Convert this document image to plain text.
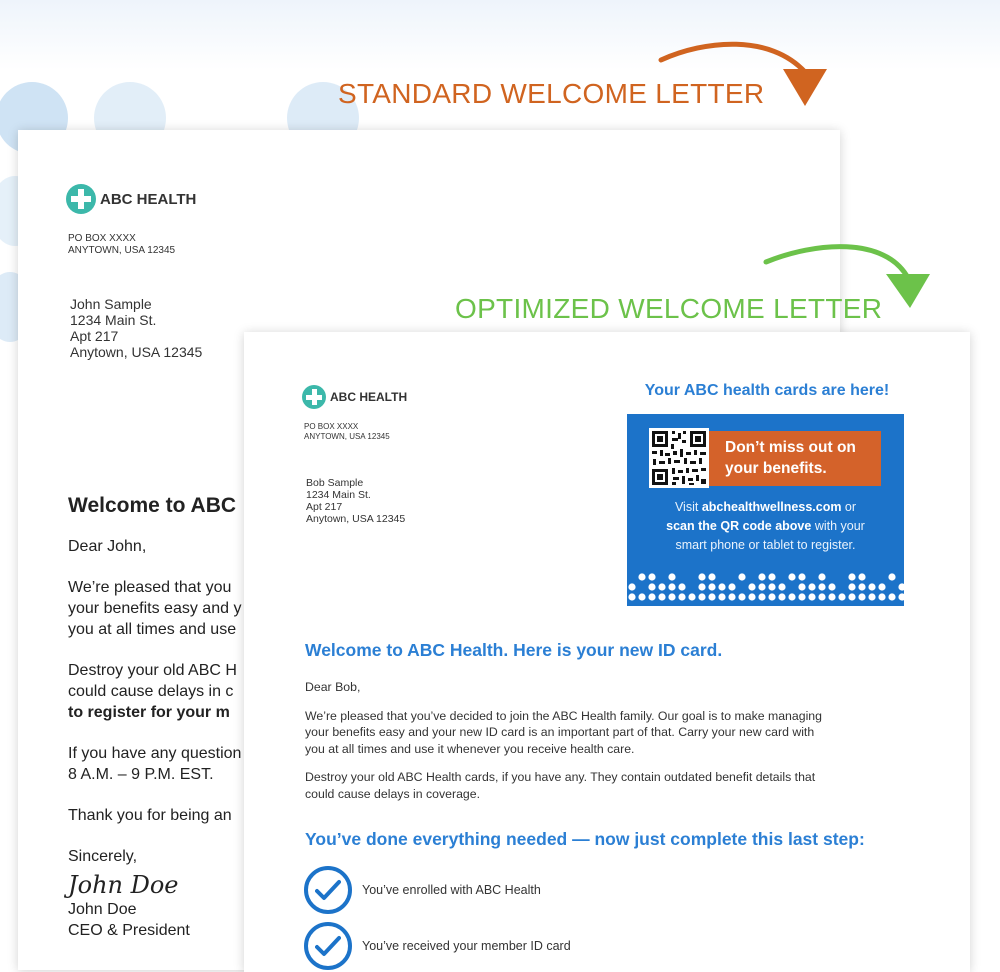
STANDARD WELCOME LETTER
ABC HEALTH
PO BOX XXXX
ANYTOWN, USA 12345
John Sample
1234 Main St.
Apt 217
Anytown, USA 12345
Welcome to ABC

Dear John,

We’re pleased that you
your benefits easy and y
you at all times and use

Destroy your old ABC H
could cause delays in c
to register for your m

If you have any question
8 A.M. – 9 P.M. EST.

Thank you for being an

Sincerely,
John Doe
John Doe
CEO & President
OPTIMIZED WELCOME LETTER
ABC HEALTH
PO BOX XXXX
ANYTOWN, USA 12345
Bob Sample
1234 Main St.
Apt 217
Anytown, USA 12345
Your ABC health cards are here!
Don’t miss out on
your benefits.
Visit abchealthwellness.com or
scan the QR code above with your
smart phone or tablet to register.
Welcome to ABC Health. Here is your new ID card.

Dear Bob,

We’re pleased that you’ve decided to join the ABC Health family. Our goal is to make managing
your benefits easy and your new ID card is an important part of that. Carry your new card with
you at all times and use it whenever you receive health care.

Destroy your old ABC Health cards, if you have any. They contain outdated benefit details that
could cause delays in coverage.

You’ve done everything needed — now just complete this last step:
You’ve enrolled with ABC Health
You’ve received your member ID card
